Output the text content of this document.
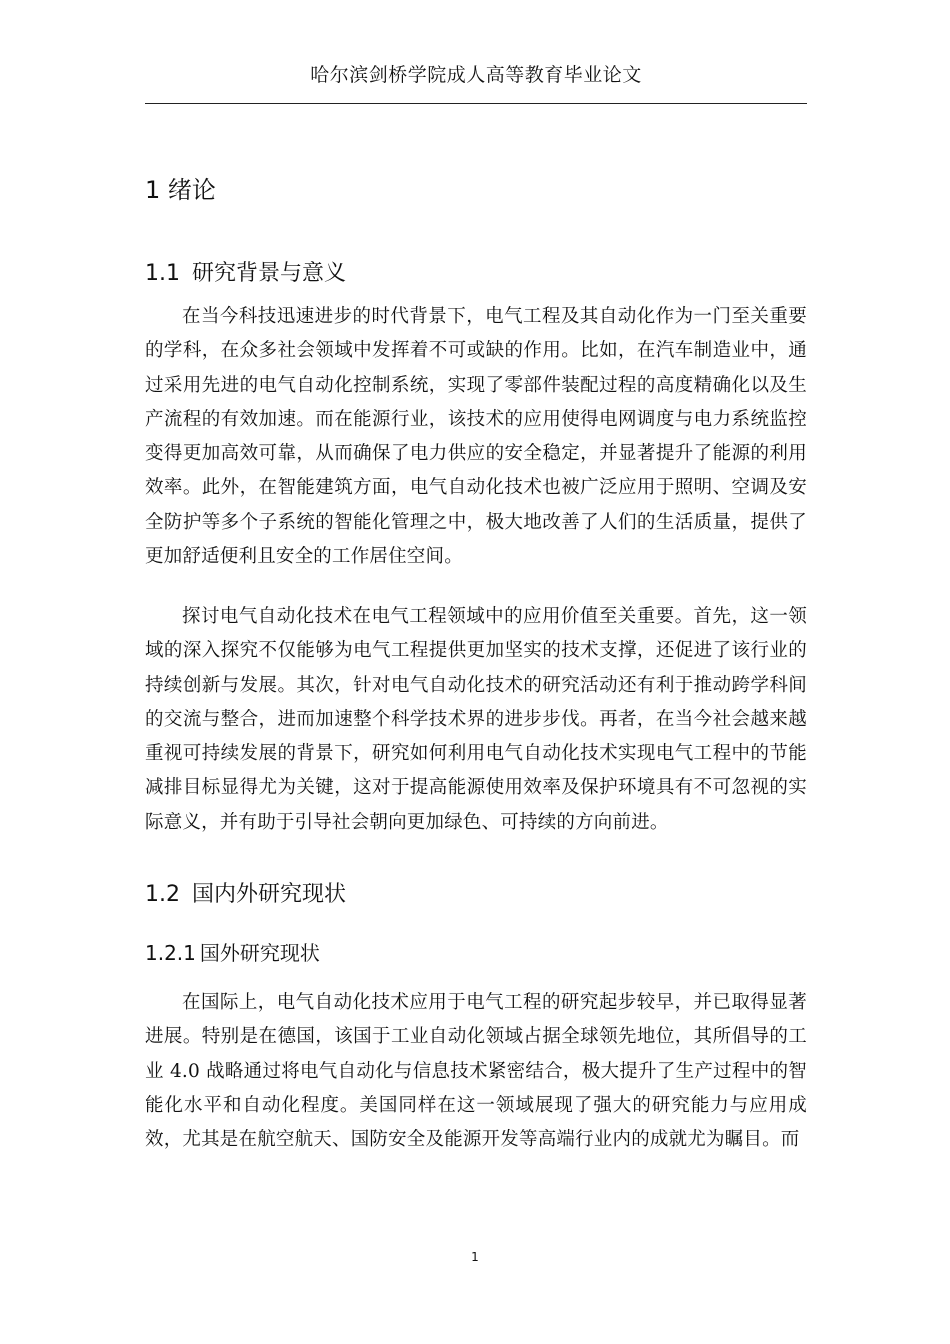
哈尔滨剑桥学院成人高等教育毕业论文
1 绪论
1.1 研究背景与意义

在当今科技迅速进步的时代背景下，电气工程及其自动化作为一门至关重要的学科，在众多社会领域中发挥着不可或缺的作用。比如，在汽车制造业中，通过采用先进的电气自动化控制系统，实现了零部件装配过程的高度精确化以及生产流程的有效加速。而在能源行业，该技术的应用使得电网调度与电力系统监控变得更加高效可靠，从而确保了电力供应的安全稳定，并显著提升了能源的利用效率。此外，在智能建筑方面，电气自动化技术也被广泛应用于照明、空调及安全防护等多个子系统的智能化管理之中，极大地改善了人们的生活质量，提供了更加舒适便利且安全的工作居住空间。

探讨电气自动化技术在电气工程领域中的应用价值至关重要。首先，这一领域的深入探究不仅能够为电气工程提供更加坚实的技术支撑，还促进了该行业的持续创新与发展。其次，针对电气自动化技术的研究活动还有利于推动跨学科间的交流与整合，进而加速整个科学技术界的进步步伐。再者，在当今社会越来越重视可持续发展的背景下，研究如何利用电气自动化技术实现电气工程中的节能减排目标显得尤为关键，这对于提高能源使用效率及保护环境具有不可忽视的实际意义，并有助于引导社会朝向更加绿色、可持续的方向前进。

1.2 国内外研究现状
1.2.1 国外研究现状

在国际上，电气自动化技术应用于电气工程的研究起步较早，并已取得显著进展。特别是在德国，该国于工业自动化领域占据全球领先地位，其所倡导的工业 4.0 战略通过将电气自动化与信息技术紧密结合，极大提升了生产过程中的智能化水平和自动化程度。美国同样在这一领域展现了强大的研究能力与应用成效，尤其是在航空航天、国防安全及能源开发等高端行业内的成就尤为瞩目。而

1
